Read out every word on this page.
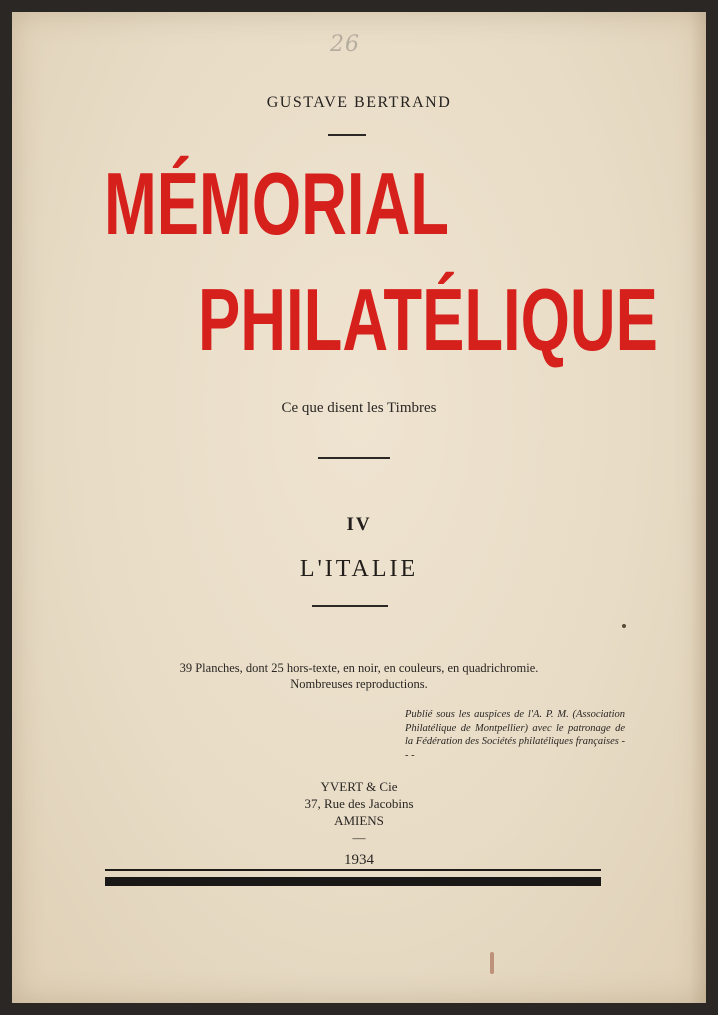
26
GUSTAVE BERTRAND
MÉMORIAL
PHILATÉLIQUE
Ce que disent les Timbres
IV
L'ITALIE
39 Planches, dont 25 hors-texte, en noir, en couleurs, en quadrichromie.
Nombreuses reproductions.
Publié sous les auspices de l'A. P. M. (Association Philatélique de Montpellier) avec le patronage de la Fédération des Sociétés philatéliques françaises - - -
YVERT & Cie
37, Rue des Jacobins
AMIENS
—
1934
